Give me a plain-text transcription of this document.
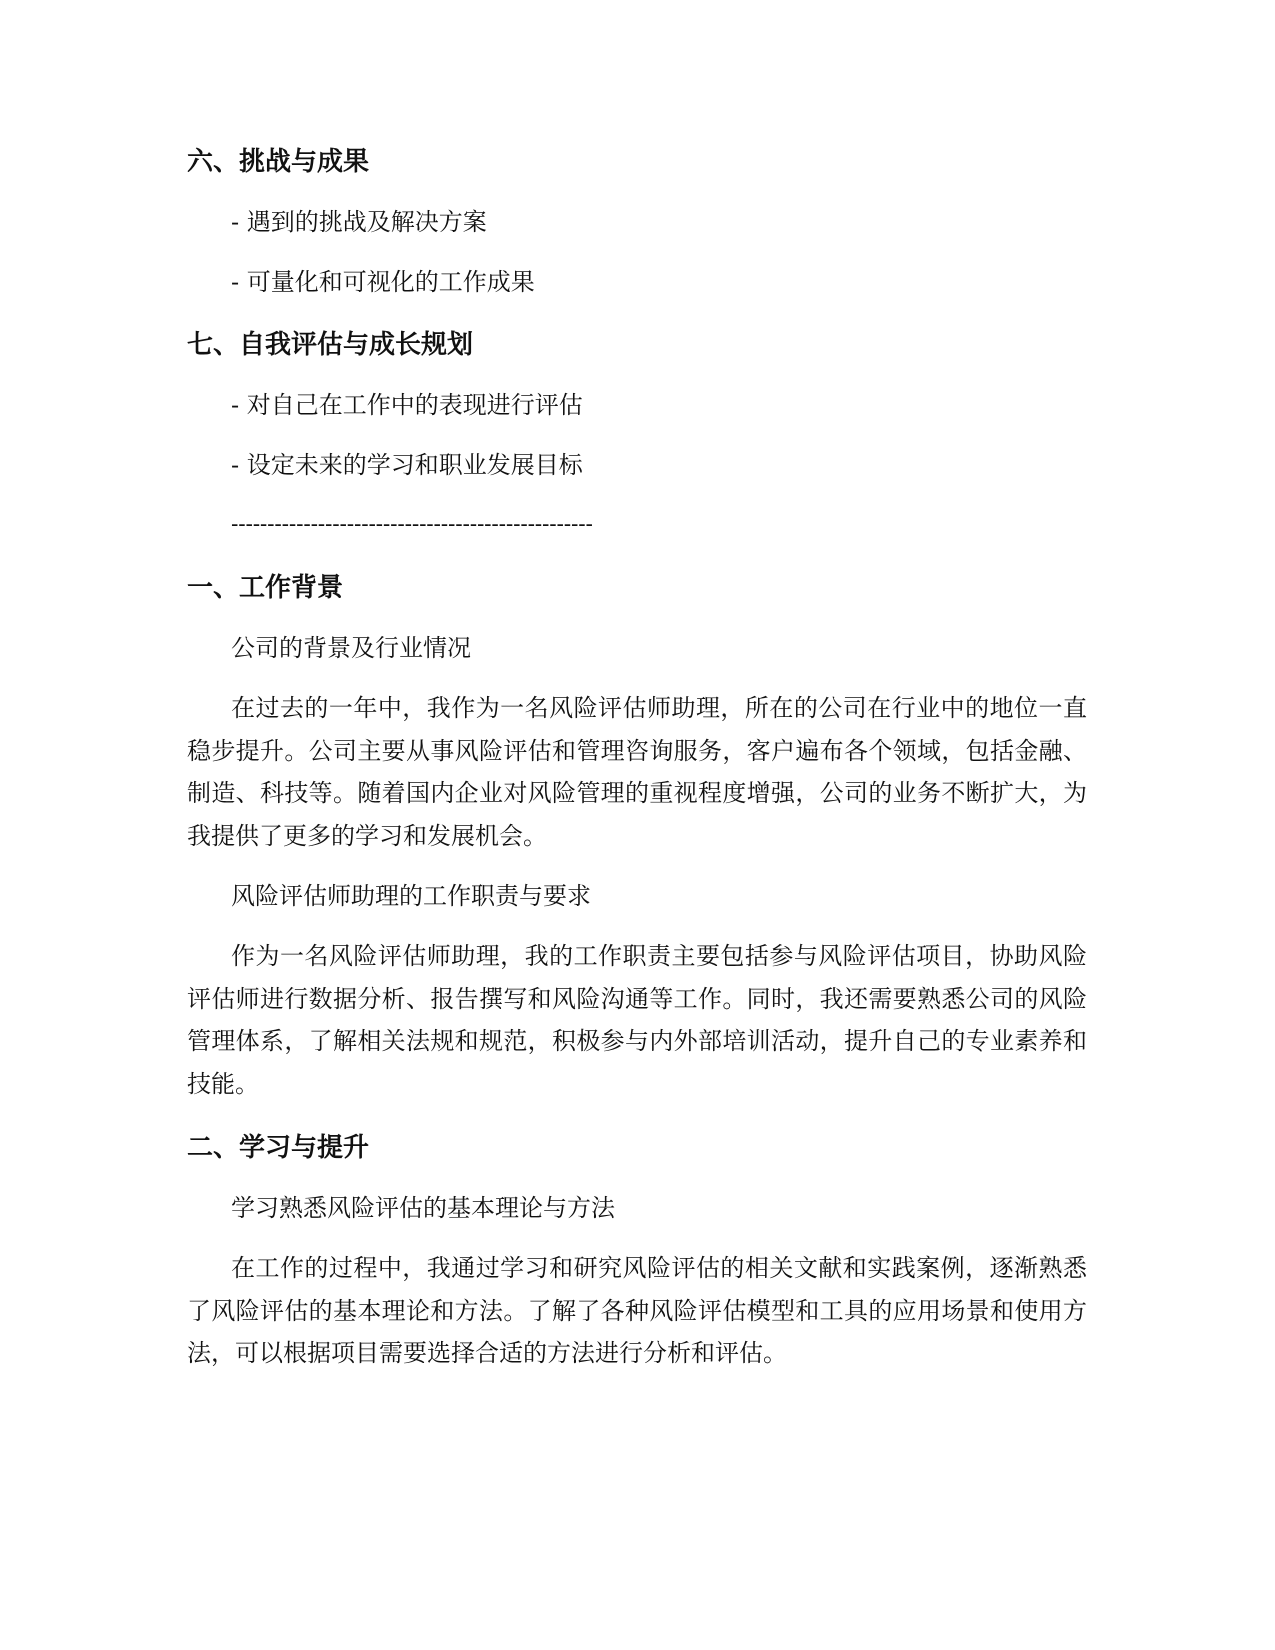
六、挑战与成果

- 遇到的挑战及解决方案

- 可量化和可视化的工作成果

七、自我评估与成长规划

- 对自己在工作中的表现进行评估

- 设定未来的学习和职业发展目标

--------------------------------------------------

一、工作背景

公司的背景及行业情况

在过去的一年中，我作为一名风险评估师助理，所在的公司在行业中的地位一直稳步提升。公司主要从事风险评估和管理咨询服务，客户遍布各个领域，包括金融、制造、科技等。随着国内企业对风险管理的重视程度增强，公司的业务不断扩大，为我提供了更多的学习和发展机会。

风险评估师助理的工作职责与要求

作为一名风险评估师助理，我的工作职责主要包括参与风险评估项目，协助风险评估师进行数据分析、报告撰写和风险沟通等工作。同时，我还需要熟悉公司的风险管理体系，了解相关法规和规范，积极参与内外部培训活动，提升自己的专业素养和技能。

二、学习与提升

学习熟悉风险评估的基本理论与方法

在工作的过程中，我通过学习和研究风险评估的相关文献和实践案例，逐渐熟悉了风险评估的基本理论和方法。了解了各种风险评估模型和工具的应用场景和使用方法，可以根据项目需要选择合适的方法进行分析和评估。
